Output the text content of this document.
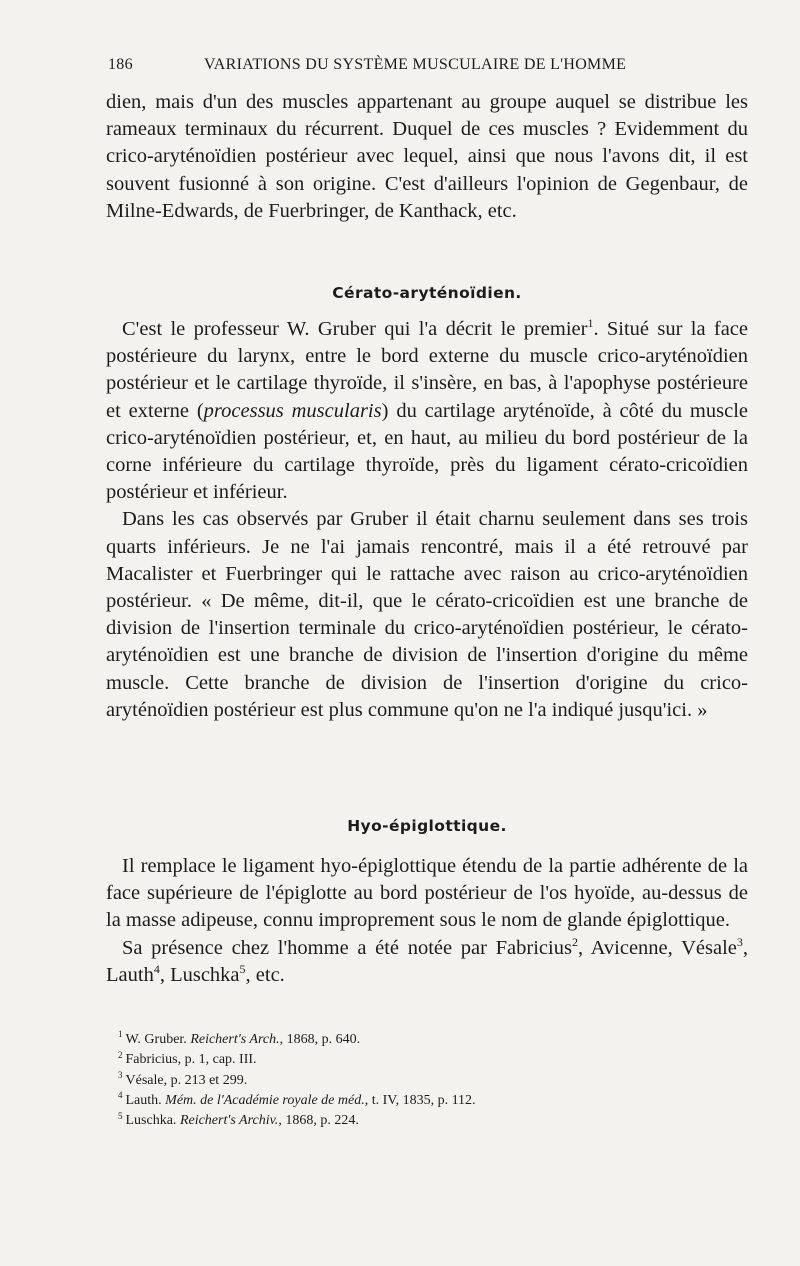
186	VARIATIONS DU SYSTÈME MUSCULAIRE DE L'HOMME

dien, mais d'un des muscles appartenant au groupe auquel se distribue les rameaux terminaux du récurrent. Duquel de ces muscles ? Evidemment du crico-aryténoïdien postérieur avec lequel, ainsi que nous l'avons dit, il est souvent fusionné à son origine. C'est d'ailleurs l'opinion de Gegenbaur, de Milne-Edwards, de Fuerbringer, de Kanthack, etc.

Cérato-aryténoïdien.

C'est le professeur W. Gruber qui l'a décrit le premier$^1$. Situé sur la face postérieure du larynx, entre le bord externe du muscle crico-aryténoïdien postérieur et le cartilage thyroïde, il s'insère, en bas, à l'apophyse postérieure et externe (processus muscularis) du cartilage aryténoïde, à côté du muscle crico-aryténoïdien postérieur, et, en haut, au milieu du bord postérieur de la corne inférieure du cartilage thyroïde, près du ligament cérato-cricoïdien postérieur et inférieur.

Dans les cas observés par Gruber il était charnu seulement dans ses trois quarts inférieurs. Je ne l'ai jamais rencontré, mais il a été retrouvé par Macalister et Fuerbringer qui le rattache avec raison au crico-aryténoïdien postérieur. « De même, dit-il, que le cérato-cricoïdien est une branche de division de l'insertion terminale du crico-aryténoïdien postérieur, le cérato-aryténoïdien est une branche de division de l'insertion d'origine du même muscle. Cette branche de division de l'insertion d'origine du crico-aryténoïdien postérieur est plus commune qu'on ne l'a indiqué jusqu'ici. »

Hyo-épiglottique.

Il remplace le ligament hyo-épiglottique étendu de la partie adhérente de la face supérieure de l'épiglotte au bord postérieur de l'os hyoïde, au-dessus de la masse adipeuse, connu improprement sous le nom de glande épiglottique.

Sa présence chez l'homme a été notée par Fabricius$^2$, Avicenne, Vésale$^3$, Lauth$^4$, Luschka$^5$, etc.

$^1$ W. Gruber. Reichert's Arch., 1868, p. 640.
$^2$ Fabricius, p. 1, cap. III.
$^3$ Vésale, p. 213 et 299.
$^4$ Lauth. Mém. de l'Académie royale de méd., t. IV, 1835, p. 112.
$^5$ Luschka. Reichert's Archiv., 1868, p. 224.
